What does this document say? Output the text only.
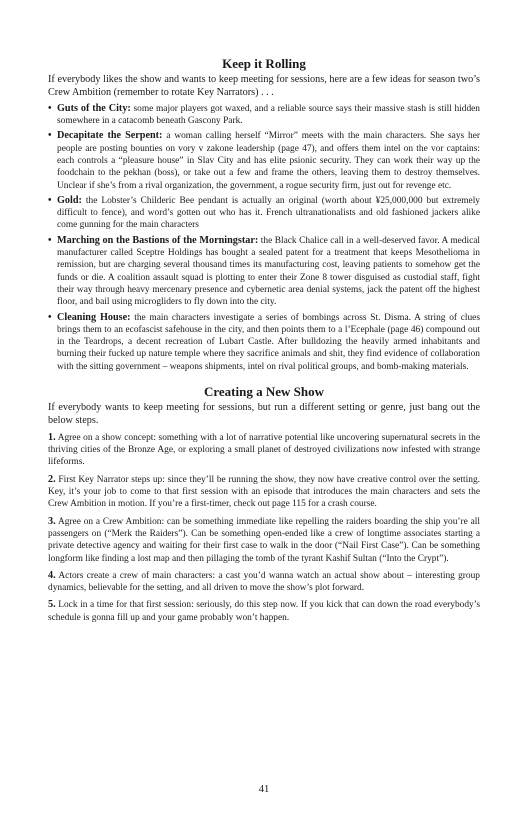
Keep it Rolling

If everybody likes the show and wants to keep meeting for sessions, here are a few ideas for season two’s Crew Ambition (remember to rotate Key Narrators) . . .

• Guts of the City: some major players got waxed, and a reliable source says their massive stash is still hidden somewhere in a catacomb beneath Gascony Park.
• Decapitate the Serpent: a woman calling herself “Mirror” meets with the main characters. She says her people are posting bounties on vory v zakone leadership (page 47), and offers them intel on the vor captains: each controls a “pleasure house” in Slav City and has elite psionic security. They can work their way up the foodchain to the pekhan (boss), or take out a few and frame the others, leaving them to destroy themselves. Unclear if she’s from a rival organization, the government, a rogue security firm, just out for revenge etc.
• Gold: the Lobster’s Childeric Bee pendant is actually an original (worth about ¥25,000,000 but extremely difficult to fence), and word’s gotten out who has it. French ultranationalists and old fashioned jackers alike come gunning for the main characters
• Marching on the Bastions of the Morningstar: the Black Chalice call in a well-deserved favor. A medical manufacturer called Sceptre Holdings has bought a sealed patent for a treatment that keeps Mesothelioma in remission, but are charging several thousand times its manufacturing cost, leaving patients to somehow get the funds or die. A coalition assault squad is plotting to enter their Zone 8 tower disguised as custodial staff, fight their way through heavy mercenary presence and cybernetic area denial systems, jack the patent off the highest floor, and bail using microgliders to fly down into the city.
• Cleaning House: the main characters investigate a series of bombings across St. Disma. A string of clues brings them to an ecofascist safehouse in the city, and then points them to a l’Ecephale (page 46) compound out in the Teardrops, a decent recreation of Lubart Castle. After bulldozing the heavily armed inhabitants and burning their fucked up nature temple where they sacrifice animals and shit, they find evidence of collaboration with the sitting government – weapons shipments, intel on rival political groups, and bomb-making materials.
Creating a New Show

If everybody wants to keep meeting for sessions, but run a different setting or genre, just bang out the below steps.

1. Agree on a show concept: something with a lot of narrative potential like uncovering supernatural secrets in the thriving cities of the Bronze Age, or exploring a small planet of destroyed civilizations now infested with strange lifeforms.

2. First Key Narrator steps up: since they’ll be running the show, they now have creative control over the setting. Key, it’s your job to come to that first session with an episode that introduces the main characters and sets the Crew Ambition in motion. If you’re a first-timer, check out page 115 for a crash course.

3. Agree on a Crew Ambition: can be something immediate like repelling the raiders boarding the ship you’re all passengers on (“Merk the Raiders”). Can be something open-ended like a crew of longtime associates starting a private detective agency and waiting for their first case to walk in the door (“Nail First Case”). Can be something longform like finding a lost map and then pillaging the tomb of the tyrant Kashif Sultan (“Into the Crypt”).

4. Actors create a crew of main characters: a cast you’d wanna watch an actual show about – interesting group dynamics, believable for the setting, and all driven to move the show’s plot forward.

5. Lock in a time for that first session: seriously, do this step now. If you kick that can down the road everybody’s schedule is gonna fill up and your game probably won’t happen.

41
